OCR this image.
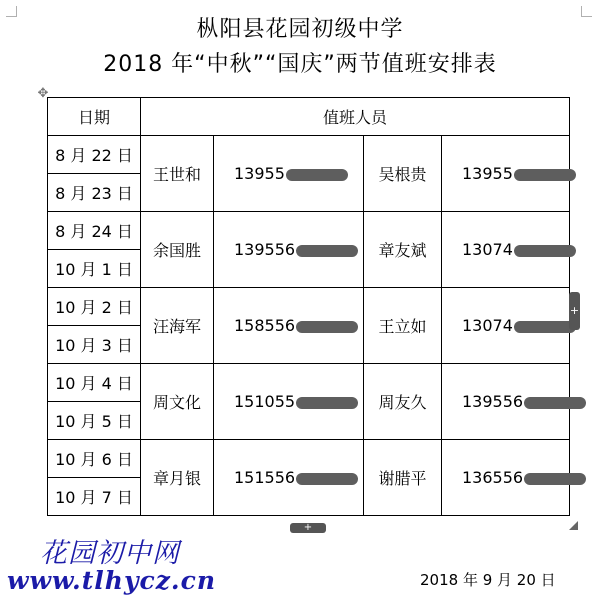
枞阳县花园初级中学
2018 年“中秋”“国庆”两节值班安排表
✥
日期	值班人员			
8 月 22 日	王世和	13955	吴根贵	13955
8 月 23 日				
8 月 24 日	余国胜	139556	章友斌	13074
10 月 1 日				
10 月 2 日	汪海军	158556	王立如	13074
10 月 3 日				
10 月 4 日	周文化	151055	周友久	139556
10 月 5 日				
10 月 6 日	章月银	151556	谢腊平	136556
10 月 7 日				
+
+
花园初中网
www.tlhycz.cn	2018 年 9 月 20 日
